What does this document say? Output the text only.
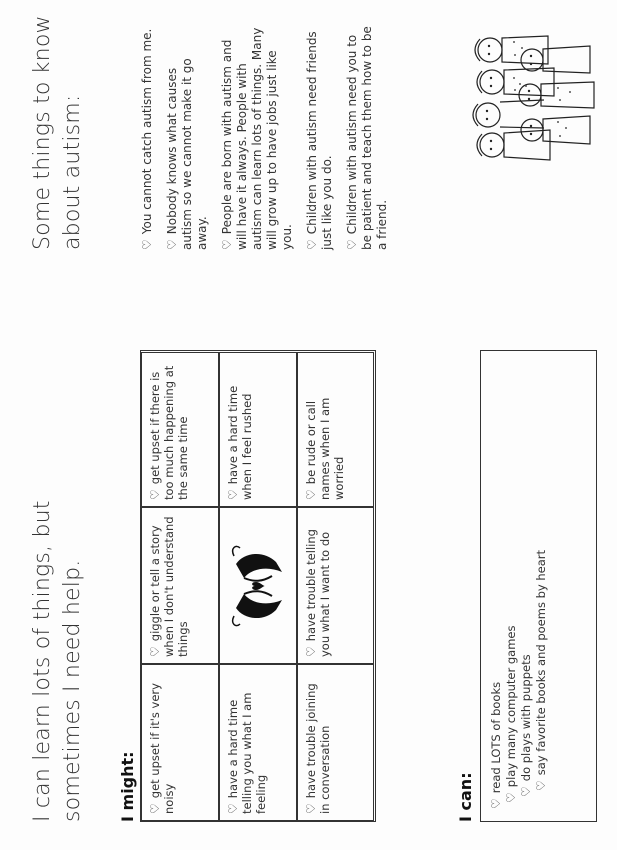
I can learn lots of things, but sometimes I need help. I might: ♡get upset if it's very noisy
♡giggle or tell a story when I don't understand things
♡get upset if there is too much happening at the same time
♡have a hard time telling you what I am feeling
♡have a hard time when I feel rushed
♡have trouble joining in conversation
♡have trouble telling you what I want to do
♡be rude or call names when I am worried
I can: ♡read LOTS of books
♡play many computer games
♡do plays with puppets
♡say favorite books and poems by heart
Some things to know about autism:	♡You cannot catch autism from me.
♡Nobody knows what causes autism so we cannot make it go away. ♡People are born with autism and will have it always. People with autism can learn lots of things. Many will grow up to have jobs just like you. ♡Children with autism need friends just like you do. ♡Children with autism need you to be patient and teach them how to be a friend.
